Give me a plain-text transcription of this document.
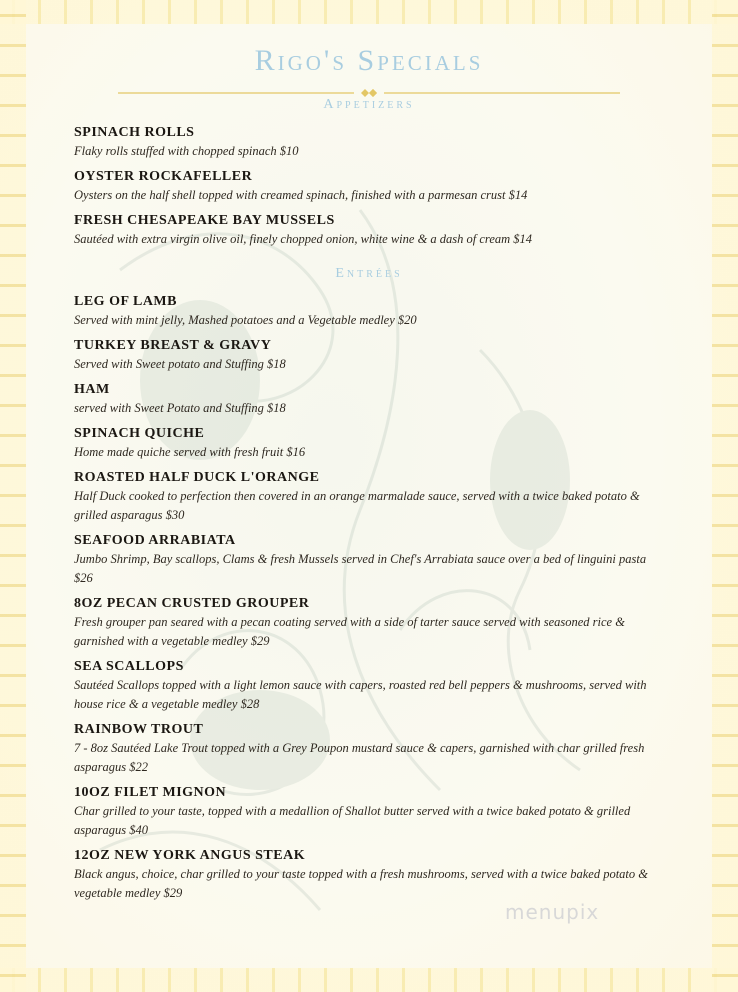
Rigo's Specials
Appetizers

SPINACH ROLLS

Flaky rolls stuffed with chopped spinach $10

OYSTER ROCKAFELLER

Oysters on the half shell topped with creamed spinach, finished with a parmesan crust $14

FRESH CHESAPEAKE BAY MUSSELS

Sautéed with extra virgin olive oil, finely chopped onion, white wine & a dash of cream $14

Entrées

LEG OF LAMB

Served with mint jelly, Mashed potatoes and a Vegetable medley $20

TURKEY BREAST & GRAVY

Served with Sweet potato and Stuffing $18

HAM

served with Sweet Potato and Stuffing $18

SPINACH QUICHE

Home made quiche served with fresh fruit $16

ROASTED HALF DUCK L'ORANGE

Half Duck cooked to perfection then covered in an orange marmalade sauce, served with a twice baked potato & grilled asparagus $30

SEAFOOD ARRABIATA

Jumbo Shrimp, Bay scallops, Clams & fresh Mussels served in Chef's Arrabiata sauce over a bed of linguini pasta $26

8OZ PECAN CRUSTED GROUPER

Fresh grouper pan seared with a pecan coating served with a side of tarter sauce served with seasoned rice & garnished with a vegetable medley $29

SEA SCALLOPS

Sautéed Scallops topped with a light lemon sauce with capers, roasted red bell peppers & mushrooms, served with house rice & a vegetable medley $28

RAINBOW TROUT

7 - 8oz Sautéed Lake Trout topped with a Grey Poupon mustard sauce & capers, garnished with char grilled fresh asparagus $22

10OZ FILET MIGNON

Char grilled to your taste, topped with a medallion of Shallot butter served with a twice baked potato & grilled asparagus $40

12OZ NEW YORK ANGUS STEAK

Black angus, choice, char grilled to your taste topped with a fresh mushrooms, served with a twice baked potato & vegetable medley $29

menupix
